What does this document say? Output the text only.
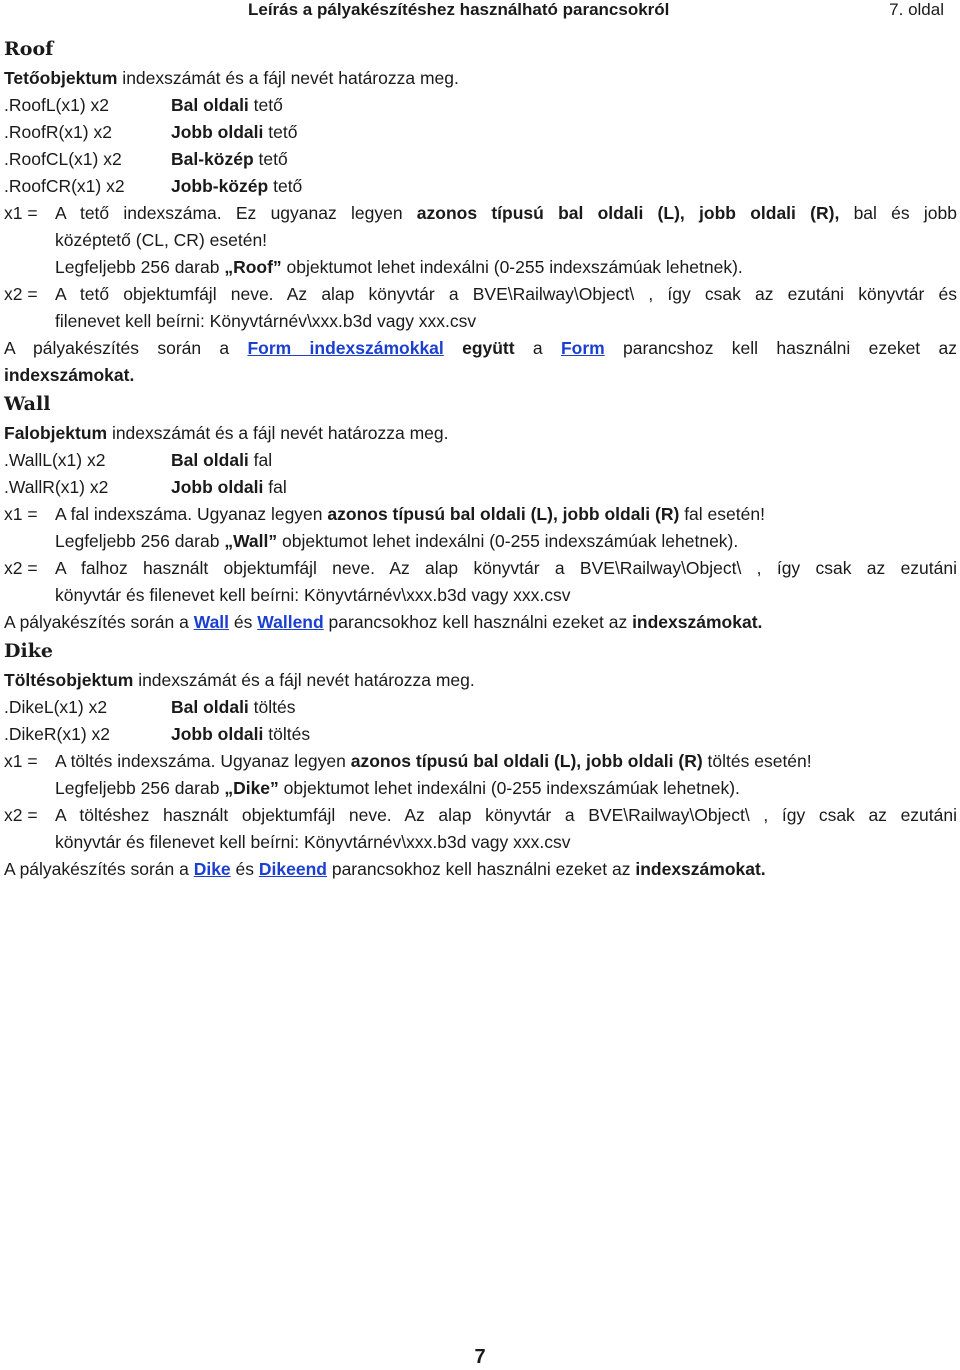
Leírás a pályakészítéshez használható parancsokról	7. oldal
Roof
Tetőobjektum indexszámát és a fájl nevét határozza meg.
.RoofL(x1) x2	Bal oldali tető
.RoofR(x1) x2	Jobb oldali tető
.RoofCL(x1) x2	Bal-közép tető
.RoofCR(x1) x2	Jobb-közép tető
x1 = A tető indexszáma. Ez ugyanaz legyen azonos típusú bal oldali (L), jobb oldali (R), bal és jobb
középtető (CL, CR) esetén!
Legfeljebb 256 darab „Roof” objektumot lehet indexálni (0-255 indexszámúak lehetnek).
x2 = A tető objektumfájl neve. Az alap könyvtár a BVE\Railway\Object\ , így csak az ezutáni könyvtár és
filenevet kell beírni: Könyvtárnév\xxx.b3d vagy xxx.csv
A pályakészítés során a Form indexszámokkal együtt a Form parancshoz kell használni ezeket az
indexszámokat.
Wall
Falobjektum indexszámát és a fájl nevét határozza meg.
.WallL(x1) x2	Bal oldali fal
.WallR(x1) x2	Jobb oldali fal
x1 = A fal indexszáma. Ugyanaz legyen azonos típusú bal oldali (L), jobb oldali (R) fal esetén!
Legfeljebb 256 darab „Wall” objektumot lehet indexálni (0-255 indexszámúak lehetnek).
x2 = A falhoz használt objektumfájl neve. Az alap könyvtár a BVE\Railway\Object\ , így csak az ezutáni
könyvtár és filenevet kell beírni: Könyvtárnév\xxx.b3d vagy xxx.csv
A pályakészítés során a Wall és Wallend parancsokhoz kell használni ezeket az indexszámokat.
Dike
Töltésobjektum indexszámát és a fájl nevét határozza meg.
.DikeL(x1) x2	Bal oldali töltés
.DikeR(x1) x2	Jobb oldali töltés
x1 = A töltés indexszáma. Ugyanaz legyen azonos típusú bal oldali (L), jobb oldali (R) töltés esetén!
Legfeljebb 256 darab „Dike” objektumot lehet indexálni (0-255 indexszámúak lehetnek).
x2 = A töltéshez használt objektumfájl neve. Az alap könyvtár a BVE\Railway\Object\ , így csak az ezutáni
könyvtár és filenevet kell beírni: Könyvtárnév\xxx.b3d vagy xxx.csv
A pályakészítés során a Dike és Dikeend parancsokhoz kell használni ezeket az indexszámokat.
7
